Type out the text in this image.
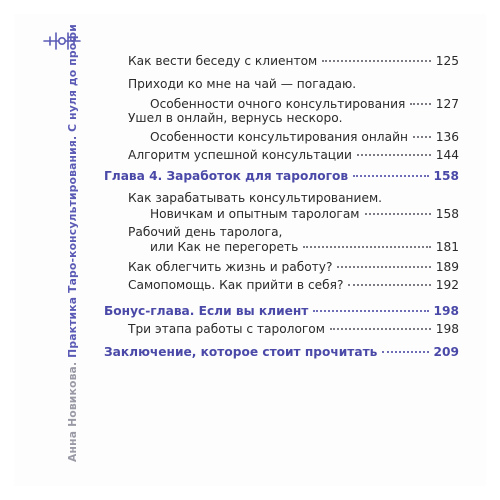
Анна Новикова. Практика Таро-консультирования. С нуля до профи	Как вести беседу с клиентом	125
Приходи ко мне на чай — погадаю.
Особенности очного консультирования 127
Ушел в онлайн, вернусь нескоро.
Особенности консультирования онлайн 136
Алгоритм успешной консультации	144
Глава 4. Заработок для тарологов	158
Как зарабатывать консультированием.
Новичкам и опытным тарологам	158
Рабочий день таролога,
или Как не перегореть	181
Как облегчить жизнь и работу?	189
Самопомощь. Как прийти в себя?	192
Бонус-глава. Если вы клиент	198
Три этапа работы с тарологом	198
Заключение, которое стоит прочитать	209
